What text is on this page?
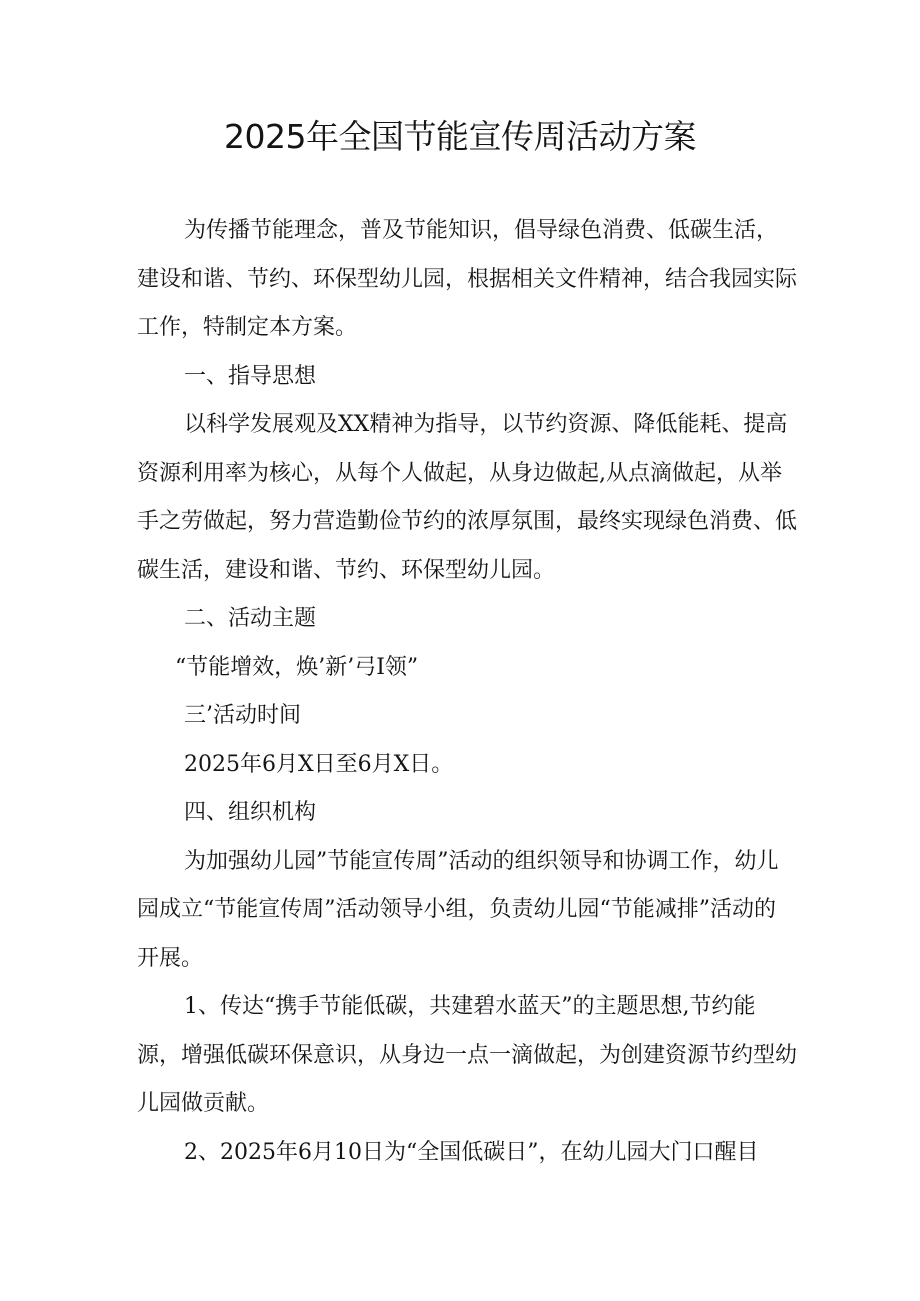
2025年全国节能宣传周活动方案

为传播节能理念，普及节能知识，倡导绿色消费、低碳生活，建设和谐、节约、环保型幼儿园，根据相关文件精神，结合我园实际工作，特制定本方案。

一、指导思想

以科学发展观及XX精神为指导，以节约资源、降低能耗、提高资源利用率为核心，从每个人做起，从身边做起,从点滴做起，从举手之劳做起，努力营造勤俭节约的浓厚氛围，最终实现绿色消费、低碳生活，建设和谐、节约、环保型幼儿园。

二、活动主题

“节能增效，焕’新’弓I领”

三’活动时间

2025年6月X日至6月X日。

四、组织机构

为加强幼儿园”节能宣传周”活动的组织领导和协调工作，幼儿园成立“节能宣传周”活动领导小组，负责幼儿园“节能减排”活动的开展。

1、传达“携手节能低碳，共建碧水蓝天”的主题思想,节约能源，增强低碳环保意识，从身边一点一滴做起，为创建资源节约型幼儿园做贡献。

2、2025年6月10日为“全国低碳日”，在幼儿园大门口醒目
